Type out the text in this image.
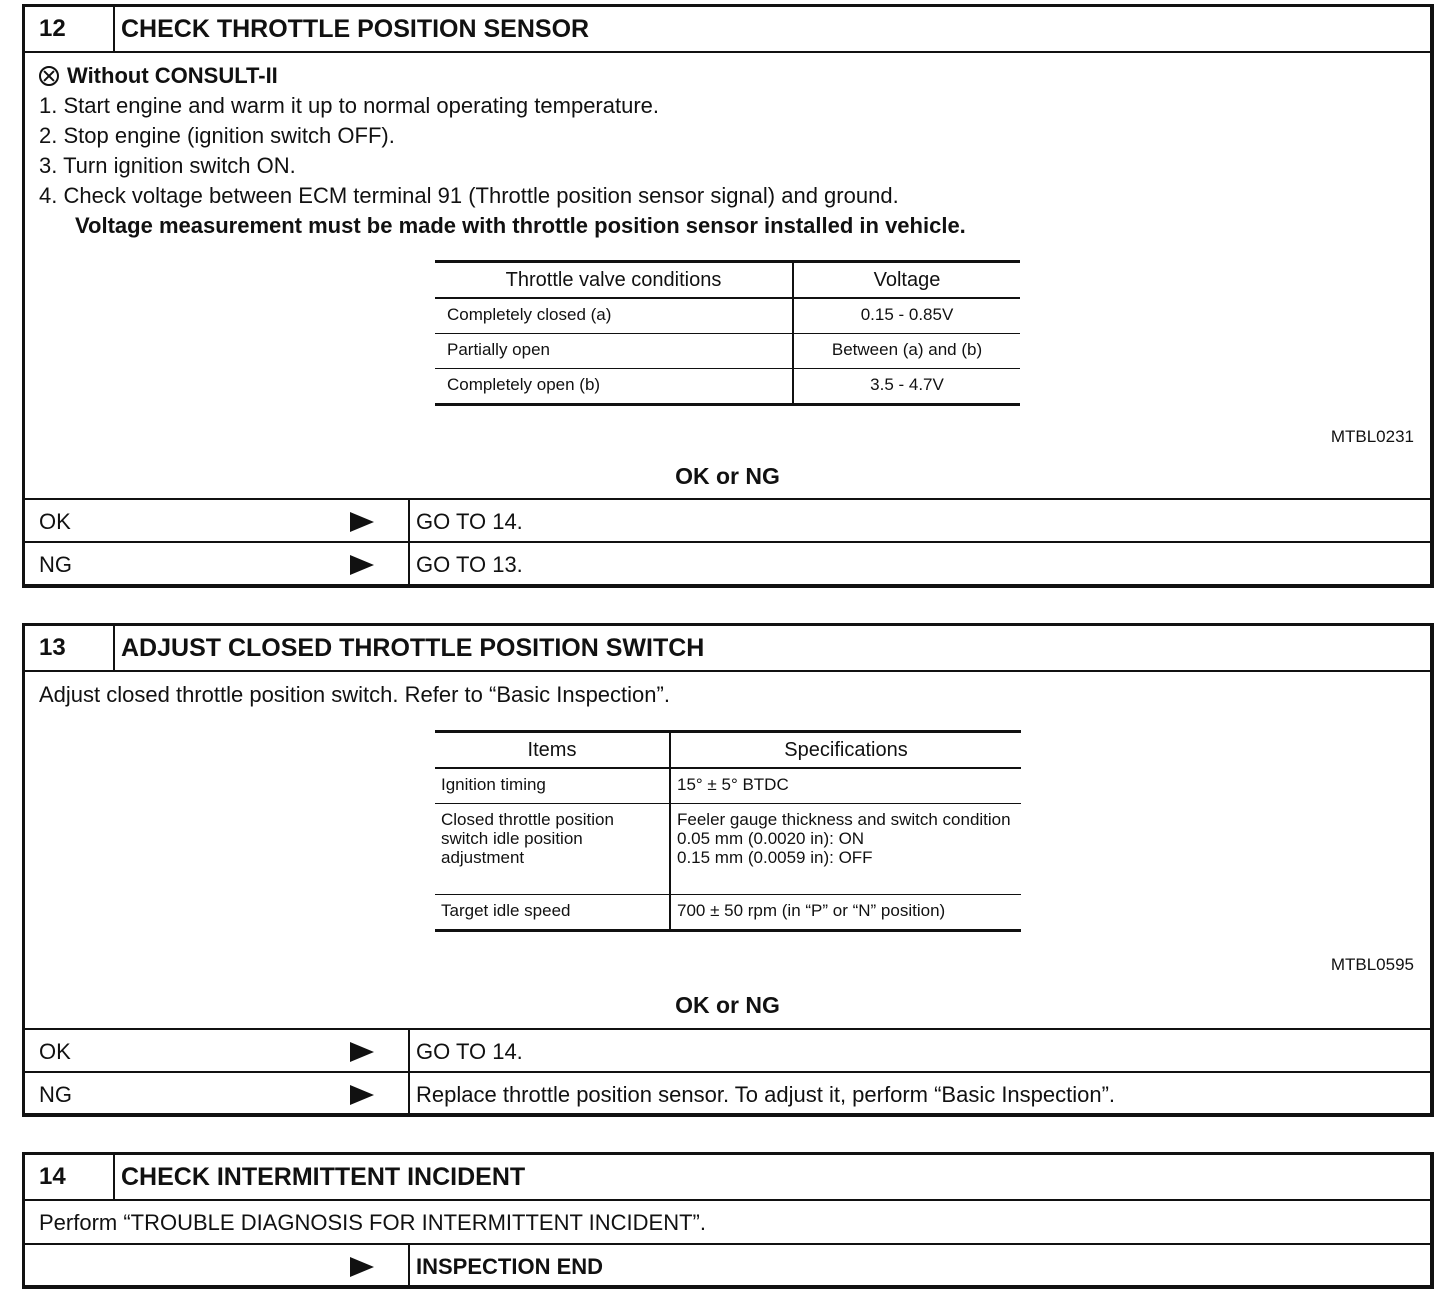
12	CHECK THROTTLE POSITION SENSOR
Without CONSULT-II
1. Start engine and warm it up to normal operating temperature.
2. Stop engine (ignition switch OFF).
3. Turn ignition switch ON.
4. Check voltage between ECM terminal 91 (Throttle position sensor signal) and ground.
Voltage measurement must be made with throttle position sensor installed in vehicle.
Throttle valve conditions	Voltage
Completely closed (a)	0.15 - 0.85V
Partially open	Between (a) and (b)
Completely open (b)	3.5 - 4.7V
MTBL0231
OK or NG
OK	GO TO 14.
NG	GO TO 13.
13	ADJUST CLOSED THROTTLE POSITION SWITCH
Adjust closed throttle position switch. Refer to “Basic Inspection”.
Items	Specifications
Ignition timing	15° ± 5° BTDC

Closed throttle position switch idle position adjustment	Feeler gauge thickness and switch condition
0.05 mm (0.0020 in): ON
0.15 mm (0.0059 in): OFF

Target idle speed	700 ± 50 rpm (in “P” or “N” position)
MTBL0595
OK or NG
OK	GO TO 14.
NG	Replace throttle position sensor. To adjust it, perform “Basic Inspection”.
14	CHECK INTERMITTENT INCIDENT
Perform “TROUBLE DIAGNOSIS FOR INTERMITTENT INCIDENT”.
INSPECTION END
